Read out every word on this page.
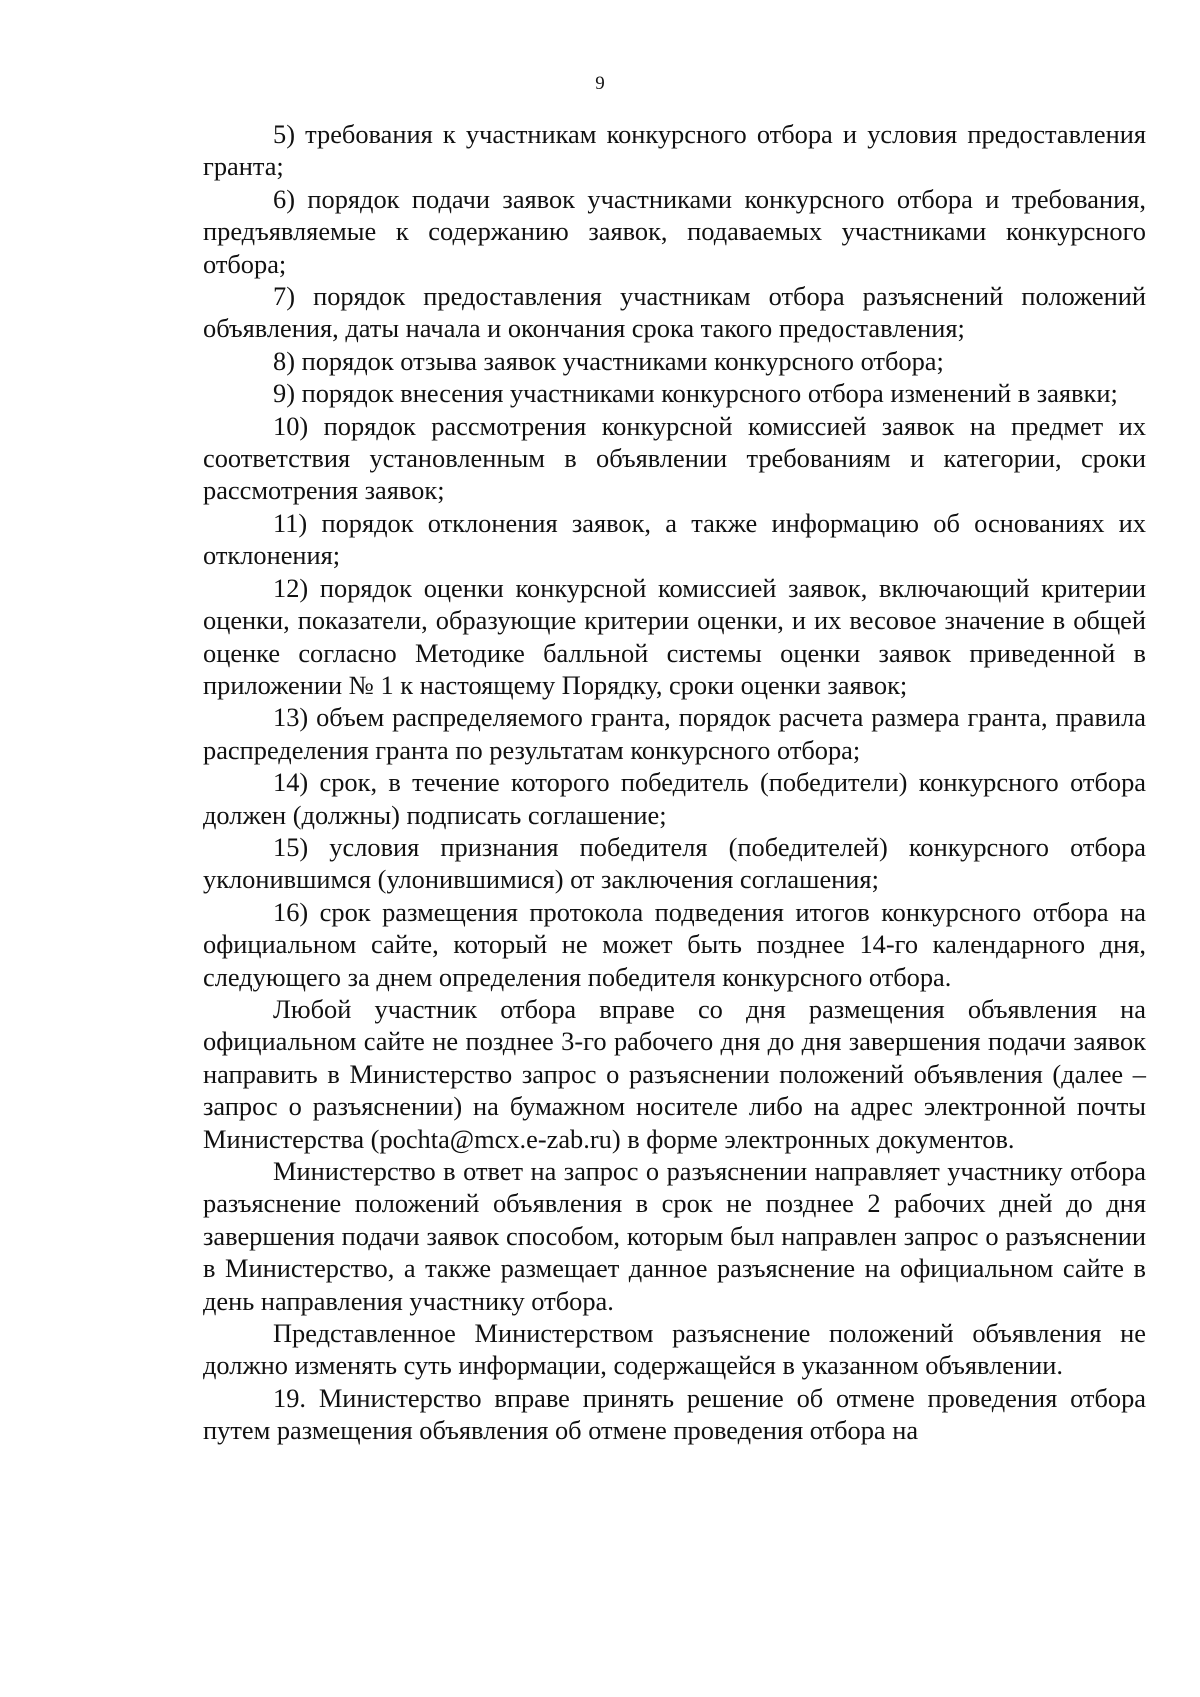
9

5) требования к участникам конкурсного отбора и условия предоставления гранта;

6) порядок подачи заявок участниками конкурсного отбора и требования, предъявляемые к содержанию заявок, подаваемых участниками конкурсного отбора;

7) порядок предоставления участникам отбора разъяснений положений объявления, даты начала и окончания срока такого предоставления;

8) порядок отзыва заявок участниками конкурсного отбора;

9) порядок внесения участниками конкурсного отбора изменений в заявки;

10) порядок рассмотрения конкурсной комиссией заявок на предмет их соответствия установленным в объявлении требованиям и категории, сроки рассмотрения заявок;

11) порядок отклонения заявок, а также информацию об основаниях их отклонения;

12) порядок оценки конкурсной комиссией заявок, включающий критерии оценки, показатели, образующие критерии оценки, и их весовое значение в общей оценке согласно Методике балльной системы оценки заявок приведенной в приложении № 1 к настоящему Порядку, сроки оценки заявок;

13) объем распределяемого гранта, порядок расчета размера гранта, правила распределения гранта по результатам конкурсного отбора;

14) срок, в течение которого победитель (победители) конкурсного отбора должен (должны) подписать соглашение;

15) условия признания победителя (победителей) конкурсного отбора уклонившимся (улонившимися) от заключения соглашения;

16) срок размещения протокола подведения итогов конкурсного отбора на официальном сайте, который не может быть позднее 14-го календарного дня, следующего за днем определения победителя конкурсного отбора.

Любой участник отбора вправе со дня размещения объявления на официальном сайте не позднее 3-го рабочего дня до дня завершения подачи заявок направить в Министерство запрос о разъяснении положений объявления (далее – запрос о разъяснении) на бумажном носителе либо на адрес электронной почты Министерства (pochta@mcx.e-zab.ru) в форме электронных документов.

Министерство в ответ на запрос о разъяснении направляет участнику отбора разъяснение положений объявления в срок не позднее 2 рабочих дней до дня завершения подачи заявок способом, которым был направлен запрос о разъяснении в Министерство, а также размещает данное разъяснение на официальном сайте в день направления участнику отбора.

Представленное Министерством разъяснение положений объявления не должно изменять суть информации, содержащейся в указанном объявлении.

19. Министерство вправе принять решение об отмене проведения отбора путем размещения объявления об отмене проведения отбора на
